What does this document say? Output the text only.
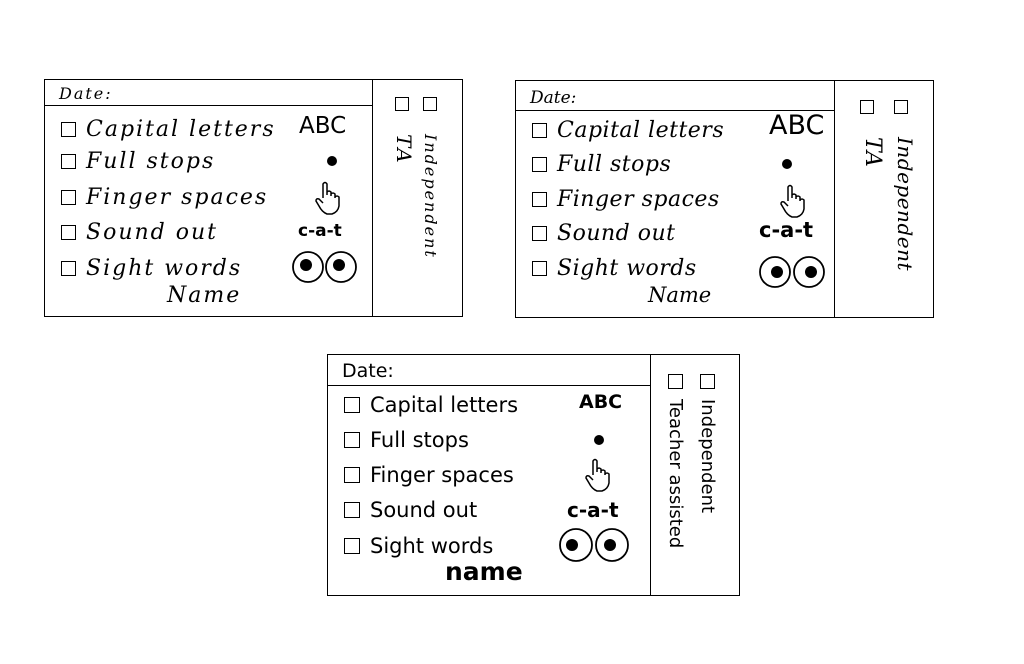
Date:
Capital letters
Full stops
Finger spaces
Sound out
Sight words
ABC
c-a-t
Name
Independent
TA
Date:
Capital letters
Full stops
Finger spaces
Sound out
Sight words
ABC
c-a-t
Name
Independent
TA
Date:
Capital letters
Full stops
Finger spaces
Sound out
Sight words
ABC
c-a-t
name
Independent
Teacher assisted
